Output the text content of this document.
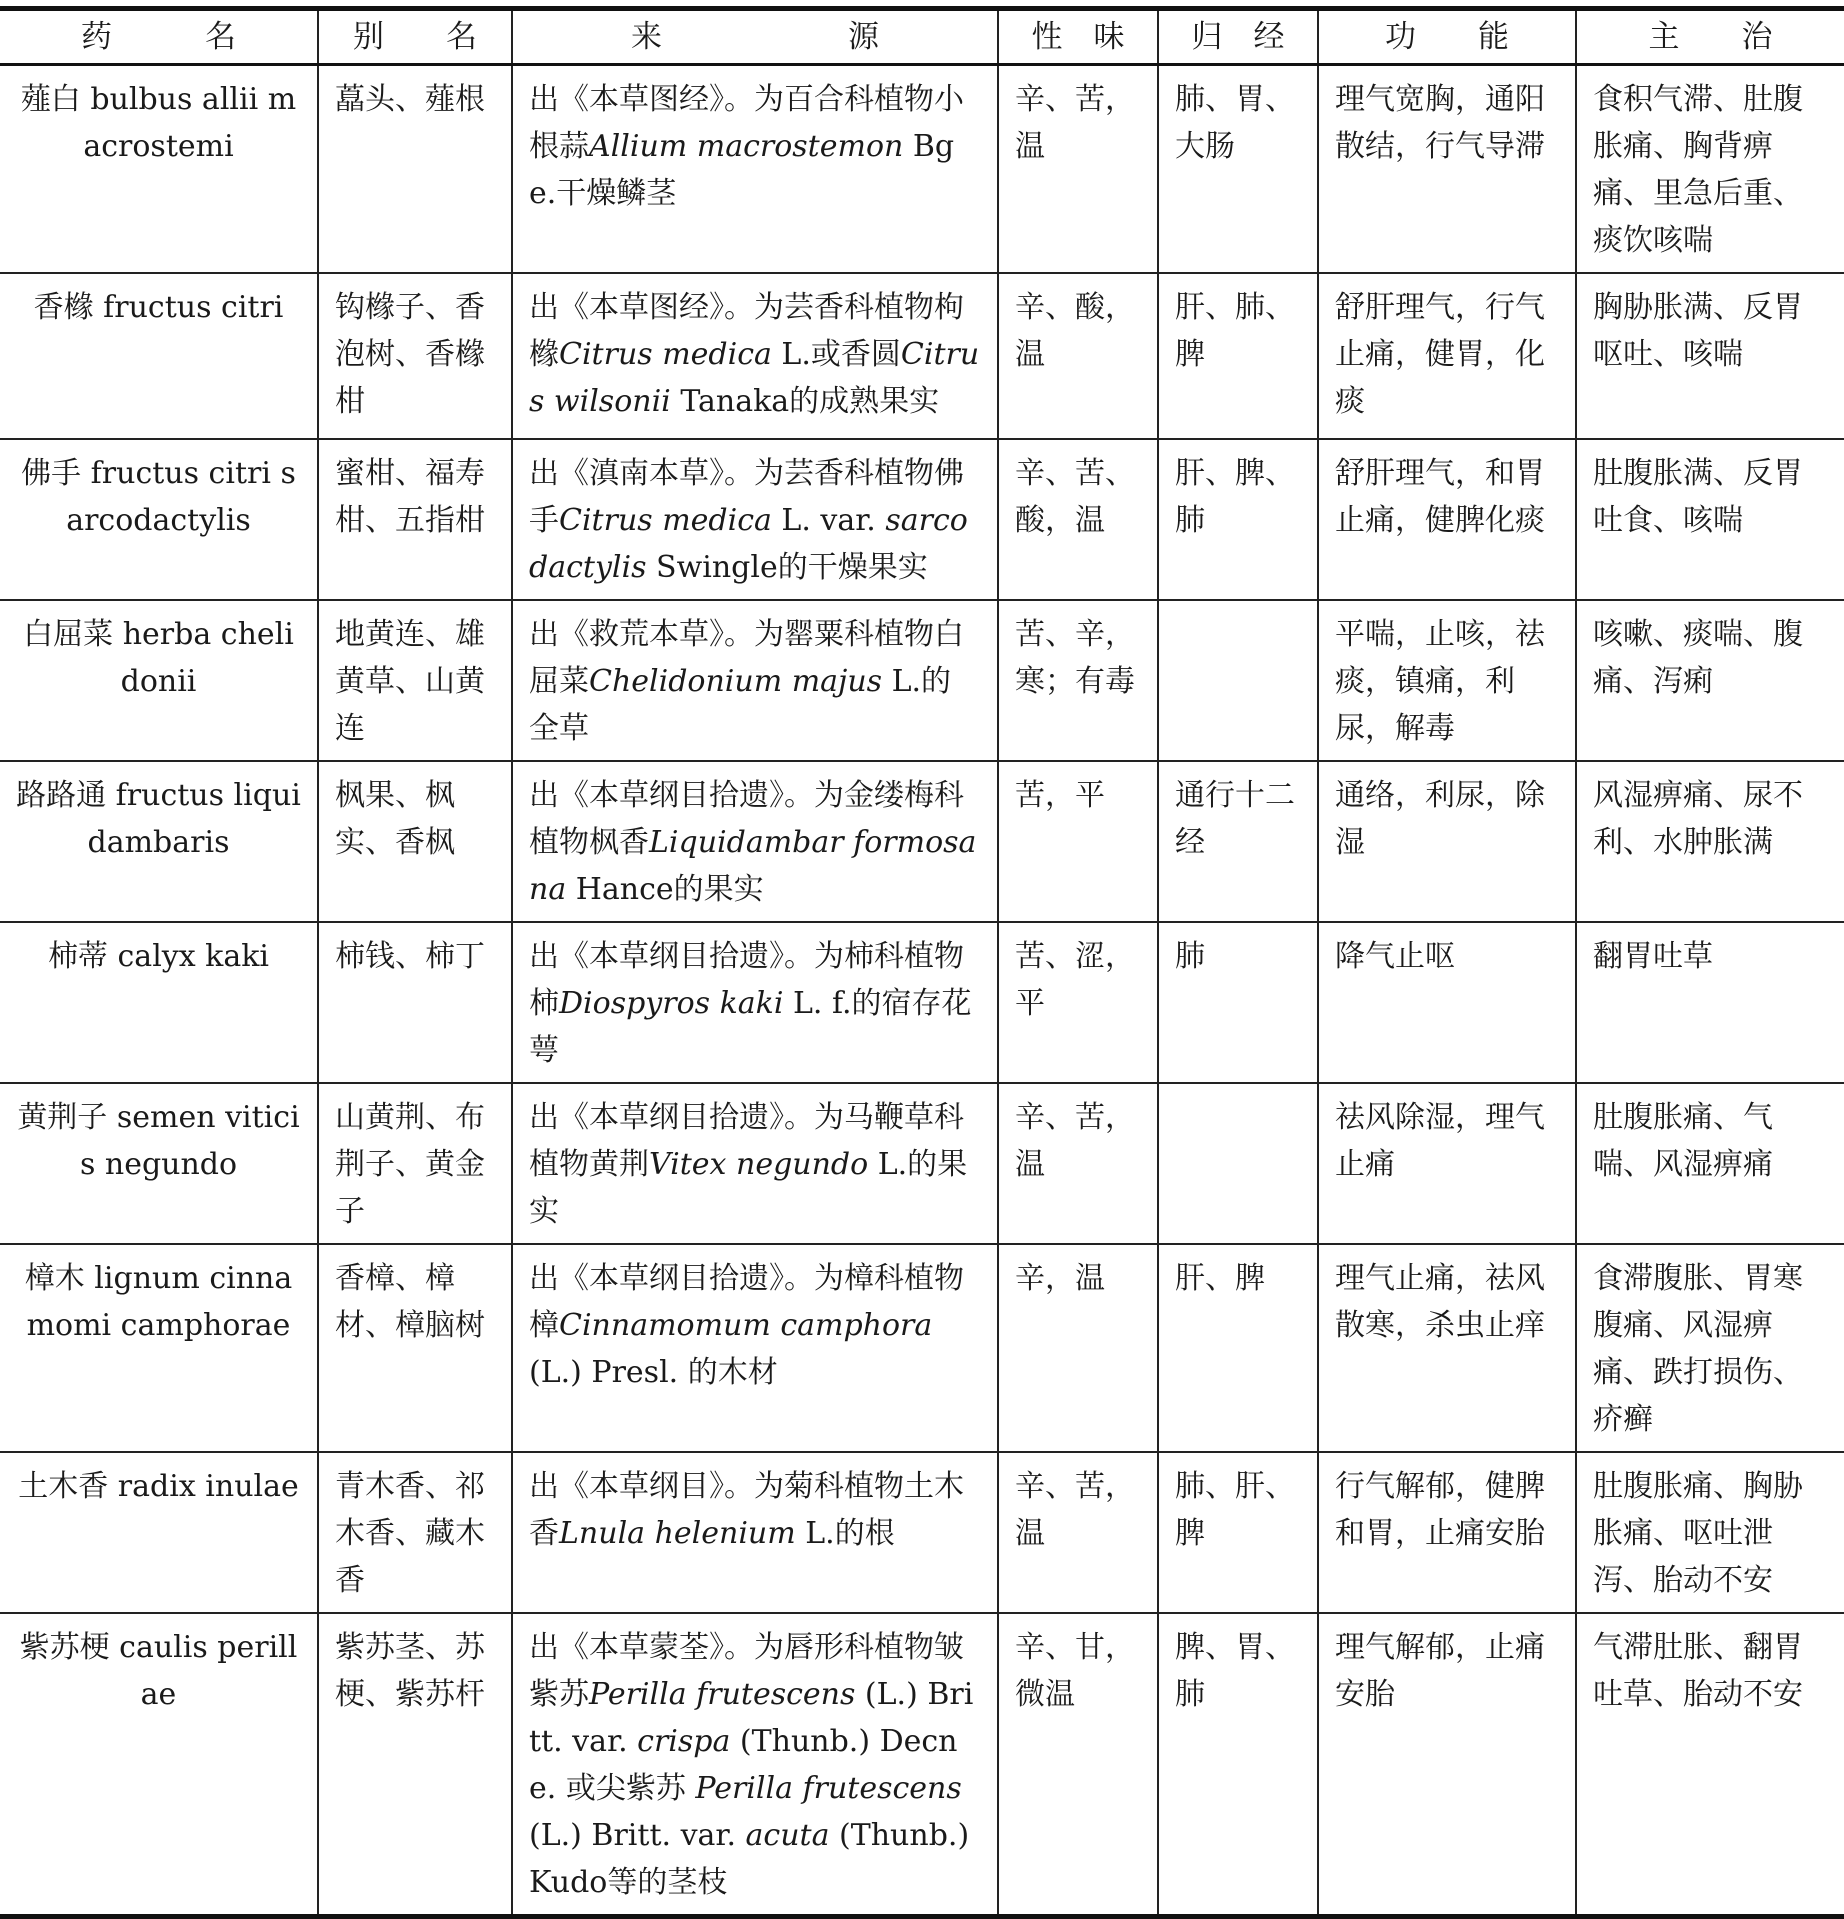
药　　　名	别　　名	来　　　　　　源	性　味	归　经	功　　能	主　　治
薤白 bulbus allii macrostemi	藠头、薤根	出《本草图经》。为百合科植物小根蒜Allium macrostemon Bge.干燥鳞茎	辛、苦，温	肺、胃、大肠	理气宽胸，通阳散结，行气导滞	食积气滞、肚腹胀痛、胸背痹痛、里急后重、痰饮咳喘
香橼 fructus citri	钩橼子、香泡树、香橼柑	出《本草图经》。为芸香科植物枸橼Citrus medica L.或香圆Citrus wilsonii Tanaka的成熟果实	辛、酸，温	肝、肺、脾	舒肝理气，行气止痛，健胃，化痰	胸胁胀满、反胃呕吐、咳喘
佛手 fructus citri sarcodactylis	蜜柑、福寿柑、五指柑	出《滇南本草》。为芸香科植物佛手Citrus medica L. var. sarcodactylis Swingle的干燥果实	辛、苦、酸，温	肝、脾、肺	舒肝理气，和胃止痛，健脾化痰	肚腹胀满、反胃吐食、咳喘
白屈菜 herba chelidonii	地黄连、雄黄草、山黄连	出《救荒本草》。为罂粟科植物白屈菜Chelidonium majus L.的全草	苦、辛，寒；有毒		平喘，止咳，祛痰，镇痛，利尿，解毒	咳嗽、痰喘、腹痛、泻痢
路路通 fructus liquidambaris	枫果、枫实、香枫	出《本草纲目拾遗》。为金缕梅科植物枫香Liquidambar formosana Hance的果实	苦，平	通行十二经	通络，利尿，除湿	风湿痹痛、尿不利、水肿胀满
柿蒂 calyx kaki	柿钱、柿丁	出《本草纲目拾遗》。为柿科植物柿Diospyros kaki L. f.的宿存花萼	苦、涩，平	肺	降气止呕	翻胃吐草
黄荆子 semen viticis negundo	山黄荆、布荆子、黄金子	出《本草纲目拾遗》。为马鞭草科植物黄荆Vitex negundo L.的果实	辛、苦，温		祛风除湿，理气止痛	肚腹胀痛、气喘、风湿痹痛
樟木 lignum cinnamomi camphorae	香樟、樟材、樟脑树	出《本草纲目拾遗》。为樟科植物樟Cinnamomum camphora (L.) Presl. 的木材	辛，温	肝、脾	理气止痛，祛风散寒，杀虫止痒	食滞腹胀、胃寒腹痛、风湿痹痛、跌打损伤、疥癣
土木香 radix inulae	青木香、祁木香、藏木香	出《本草纲目》。为菊科植物土木香Lnula helenium L.的根	辛、苦，温	肺、肝、脾	行气解郁，健脾和胃，止痛安胎	肚腹胀痛、胸胁胀痛、呕吐泄泻、胎动不安
紫苏梗 caulis perillae	紫苏茎、苏梗、紫苏杆	出《本草蒙荃》。为唇形科植物皱紫苏Perilla frutescens (L.) Britt. var. crispa (Thunb.) Decne. 或尖紫苏 Perilla frutescens (L.) Britt. var. acuta (Thunb.) Kudo等的茎枝	辛、甘，微温	脾、胃、肺	理气解郁，止痛安胎	气滞肚胀、翻胃吐草、胎动不安
